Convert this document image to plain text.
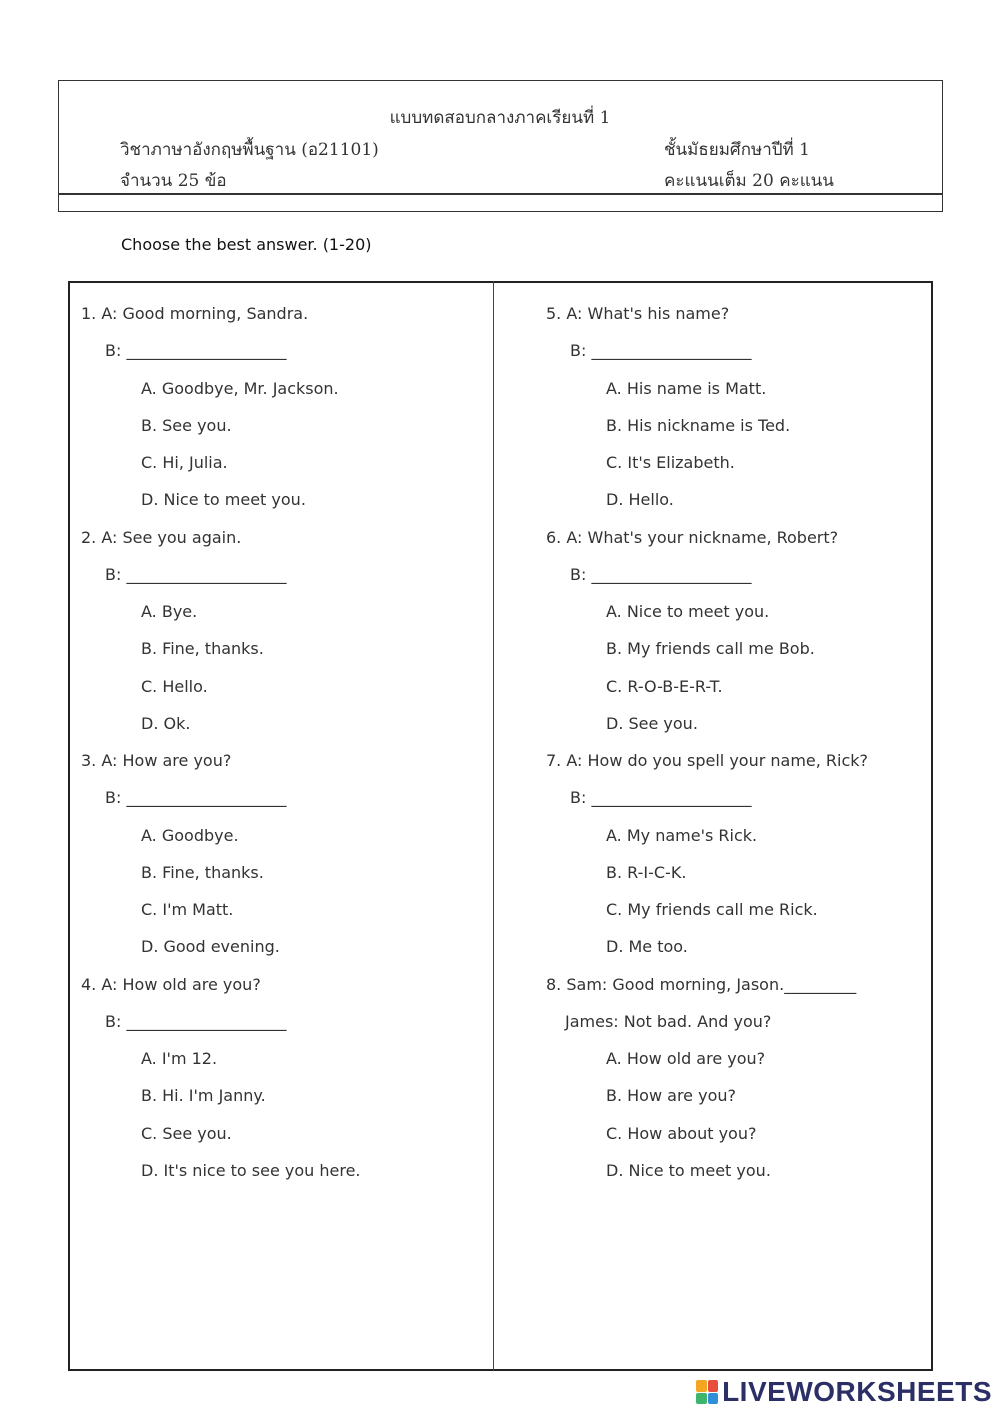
แบบทดสอบกลางภาคเรียนที่ 1
วิชาภาษาอังกฤษพื้นฐาน (อ21101)	ชั้นมัธยมศึกษาปีที่ 1
จำนวน 25 ข้อ	คะแนนเต็ม 20 คะแนน
Choose the best answer. (1-20)
1. A: Good morning, Sandra.
B: ____________________
A. Goodbye, Mr. Jackson.
B. See you.
C. Hi, Julia.
D. Nice to meet you.
2. A: See you again.
B: ____________________
A. Bye.
B. Fine, thanks.
C. Hello.
D. Ok.
3. A: How are you?
B: ____________________
A. Goodbye.
B. Fine, thanks.
C. I'm Matt.
D. Good evening.
4. A: How old are you?
B: ____________________
A. I'm 12.
B. Hi. I'm Janny.
C. See you.
D. It's nice to see you here.
5. A: What's his name?
B: ____________________
A. His name is Matt.
B. His nickname is Ted.
C. It's Elizabeth.
D. Hello.
6. A: What's your nickname, Robert?
B: ____________________
A. Nice to meet you.
B. My friends call me Bob.
C. R-O-B-E-R-T.
D. See you.
7. A: How do you spell your name, Rick?
B: ____________________
A. My name's Rick.
B. R-I-C-K.
C. My friends call me Rick.
D. Me too.
8. Sam: Good morning, Jason._________
James: Not bad. And you?
A. How old are you?
B. How are you?
C. How about you?
D. Nice to meet you.
LIVEWORKSHEETS
